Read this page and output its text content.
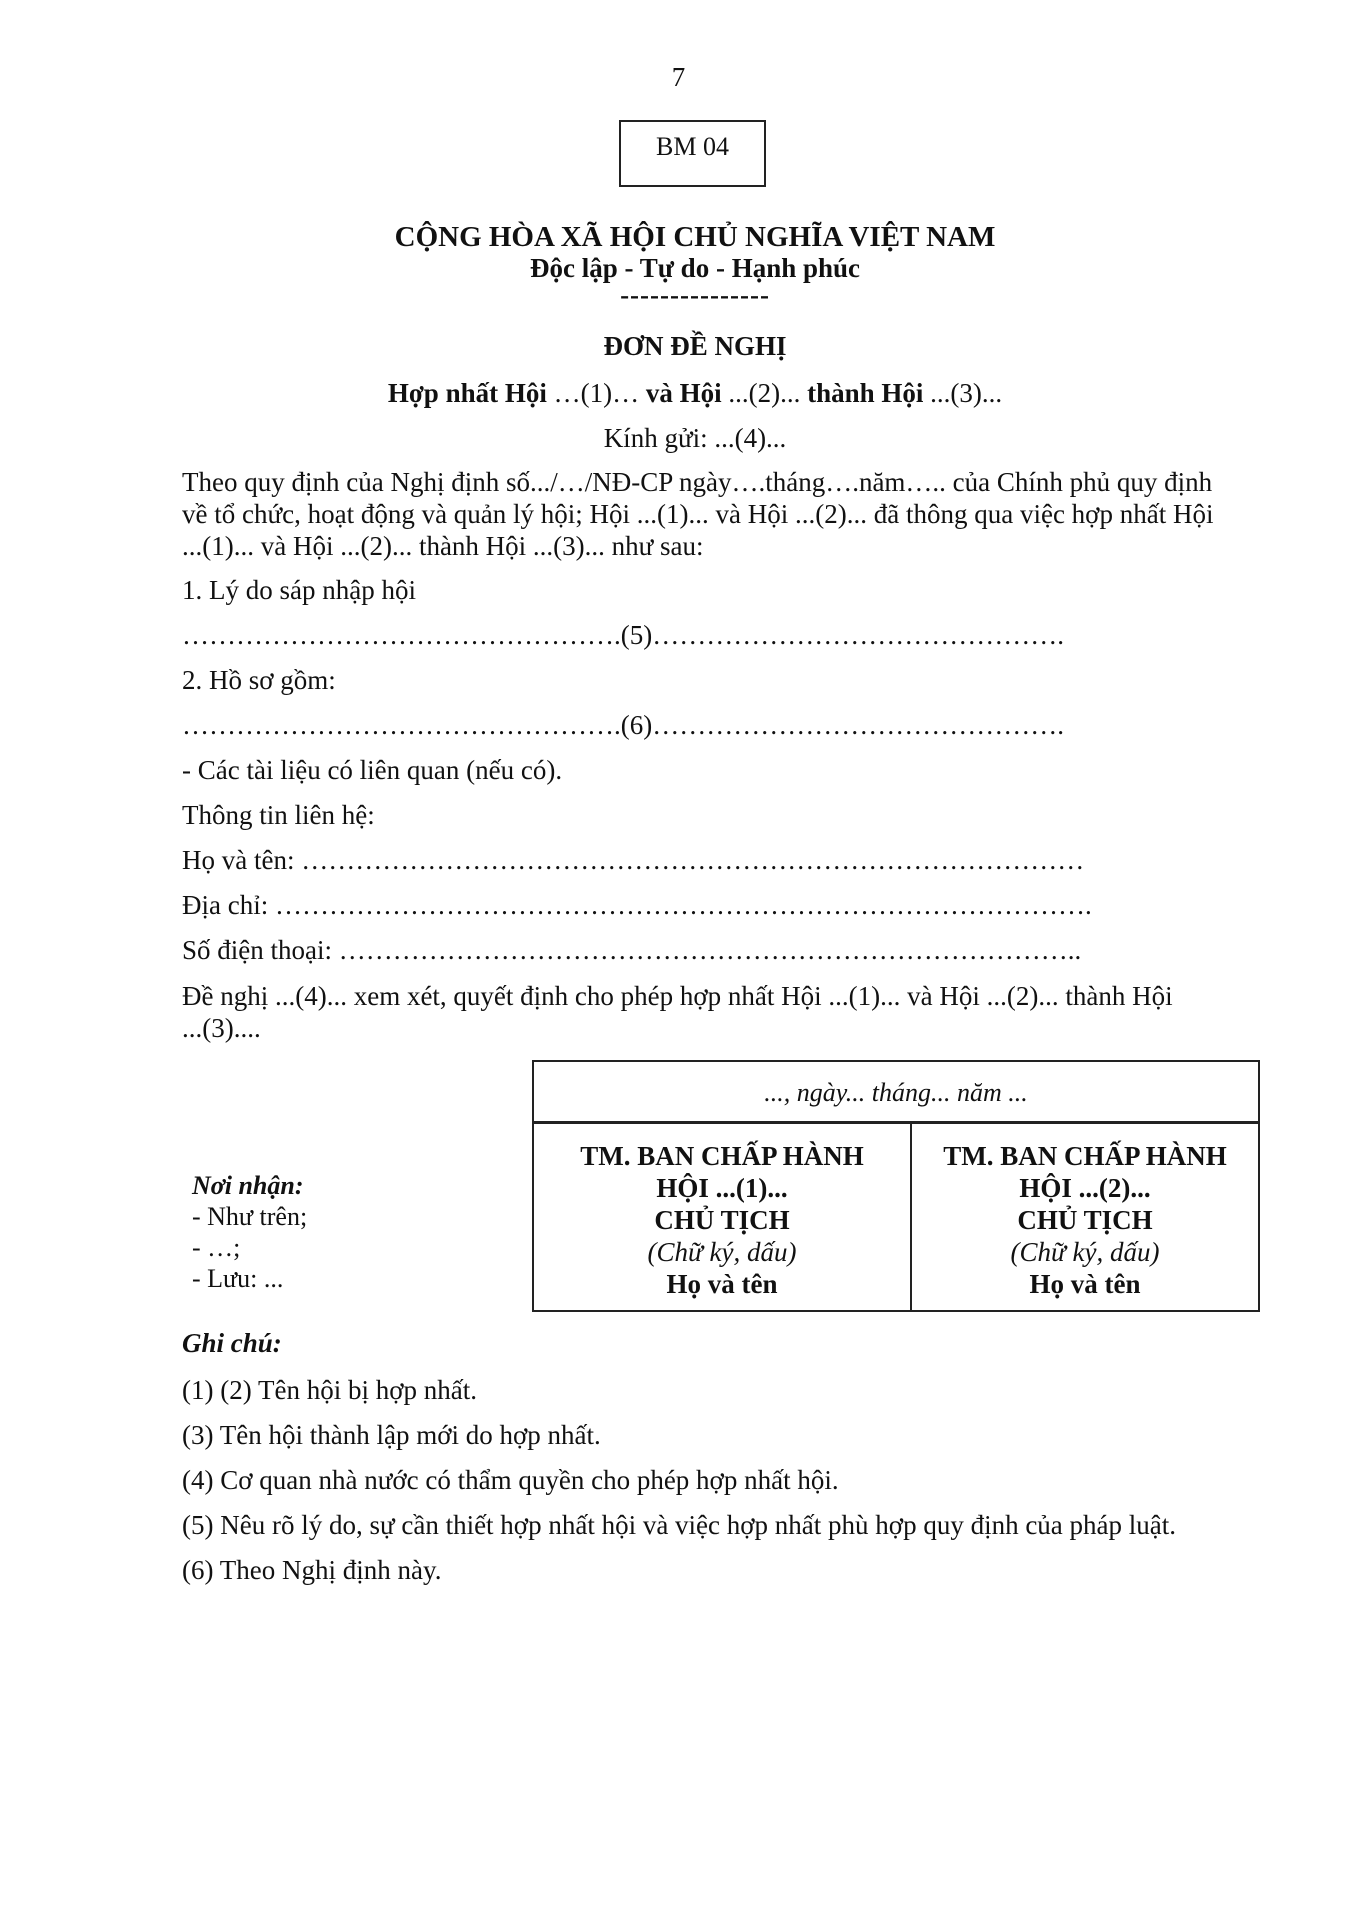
7
BM 04
CỘNG HÒA XÃ HỘI CHỦ NGHĨA VIỆT NAM
Độc lập - Tự do - Hạnh phúc
---------------
ĐƠN ĐỀ NGHỊ
Hợp nhất Hội …(1)… và Hội ...(2)... thành Hội ...(3)...
Kính gửi: ...(4)...
Theo quy định của Nghị định số.../…/NĐ-CP ngày….tháng….năm….. của Chính phủ quy định
về tổ chức, hoạt động và quản lý hội; Hội ...(1)... và Hội ...(2)... đã thông qua việc hợp nhất Hội
...(1)... và Hội ...(2)... thành Hội ...(3)... như sau:
1. Lý do sáp nhập hội
………………………………………….(5)……………………………………….
2. Hồ sơ gồm:
………………………………………….(6)……………………………………….
- Các tài liệu có liên quan (nếu có).
Thông tin liên hệ:
Họ và tên: ……………………………………………………………………………
Địa chỉ: ……………………………………………………………………………….
Số điện thoại: ………………………………………………………………………..
Đề nghị ...(4)... xem xét, quyết định cho phép hợp nhất Hội ...(1)... và Hội ...(2)... thành Hội
...(3)....
..., ngày... tháng... năm ...
TM. BAN CHẤP HÀNH
HỘI ...(1)...
CHỦ TỊCH
(Chữ ký, dấu)
Họ và tên
TM. BAN CHẤP HÀNH
HỘI ...(2)...
CHỦ TỊCH
(Chữ ký, dấu)
Họ và tên
Nơi nhận:
- Như trên;
- …;
- Lưu: ...
Ghi chú:
(1) (2) Tên hội bị hợp nhất.
(3) Tên hội thành lập mới do hợp nhất.
(4) Cơ quan nhà nước có thẩm quyền cho phép hợp nhất hội.
(5) Nêu rõ lý do, sự cần thiết hợp nhất hội và việc hợp nhất phù hợp quy định của pháp luật.
(6) Theo Nghị định này.
